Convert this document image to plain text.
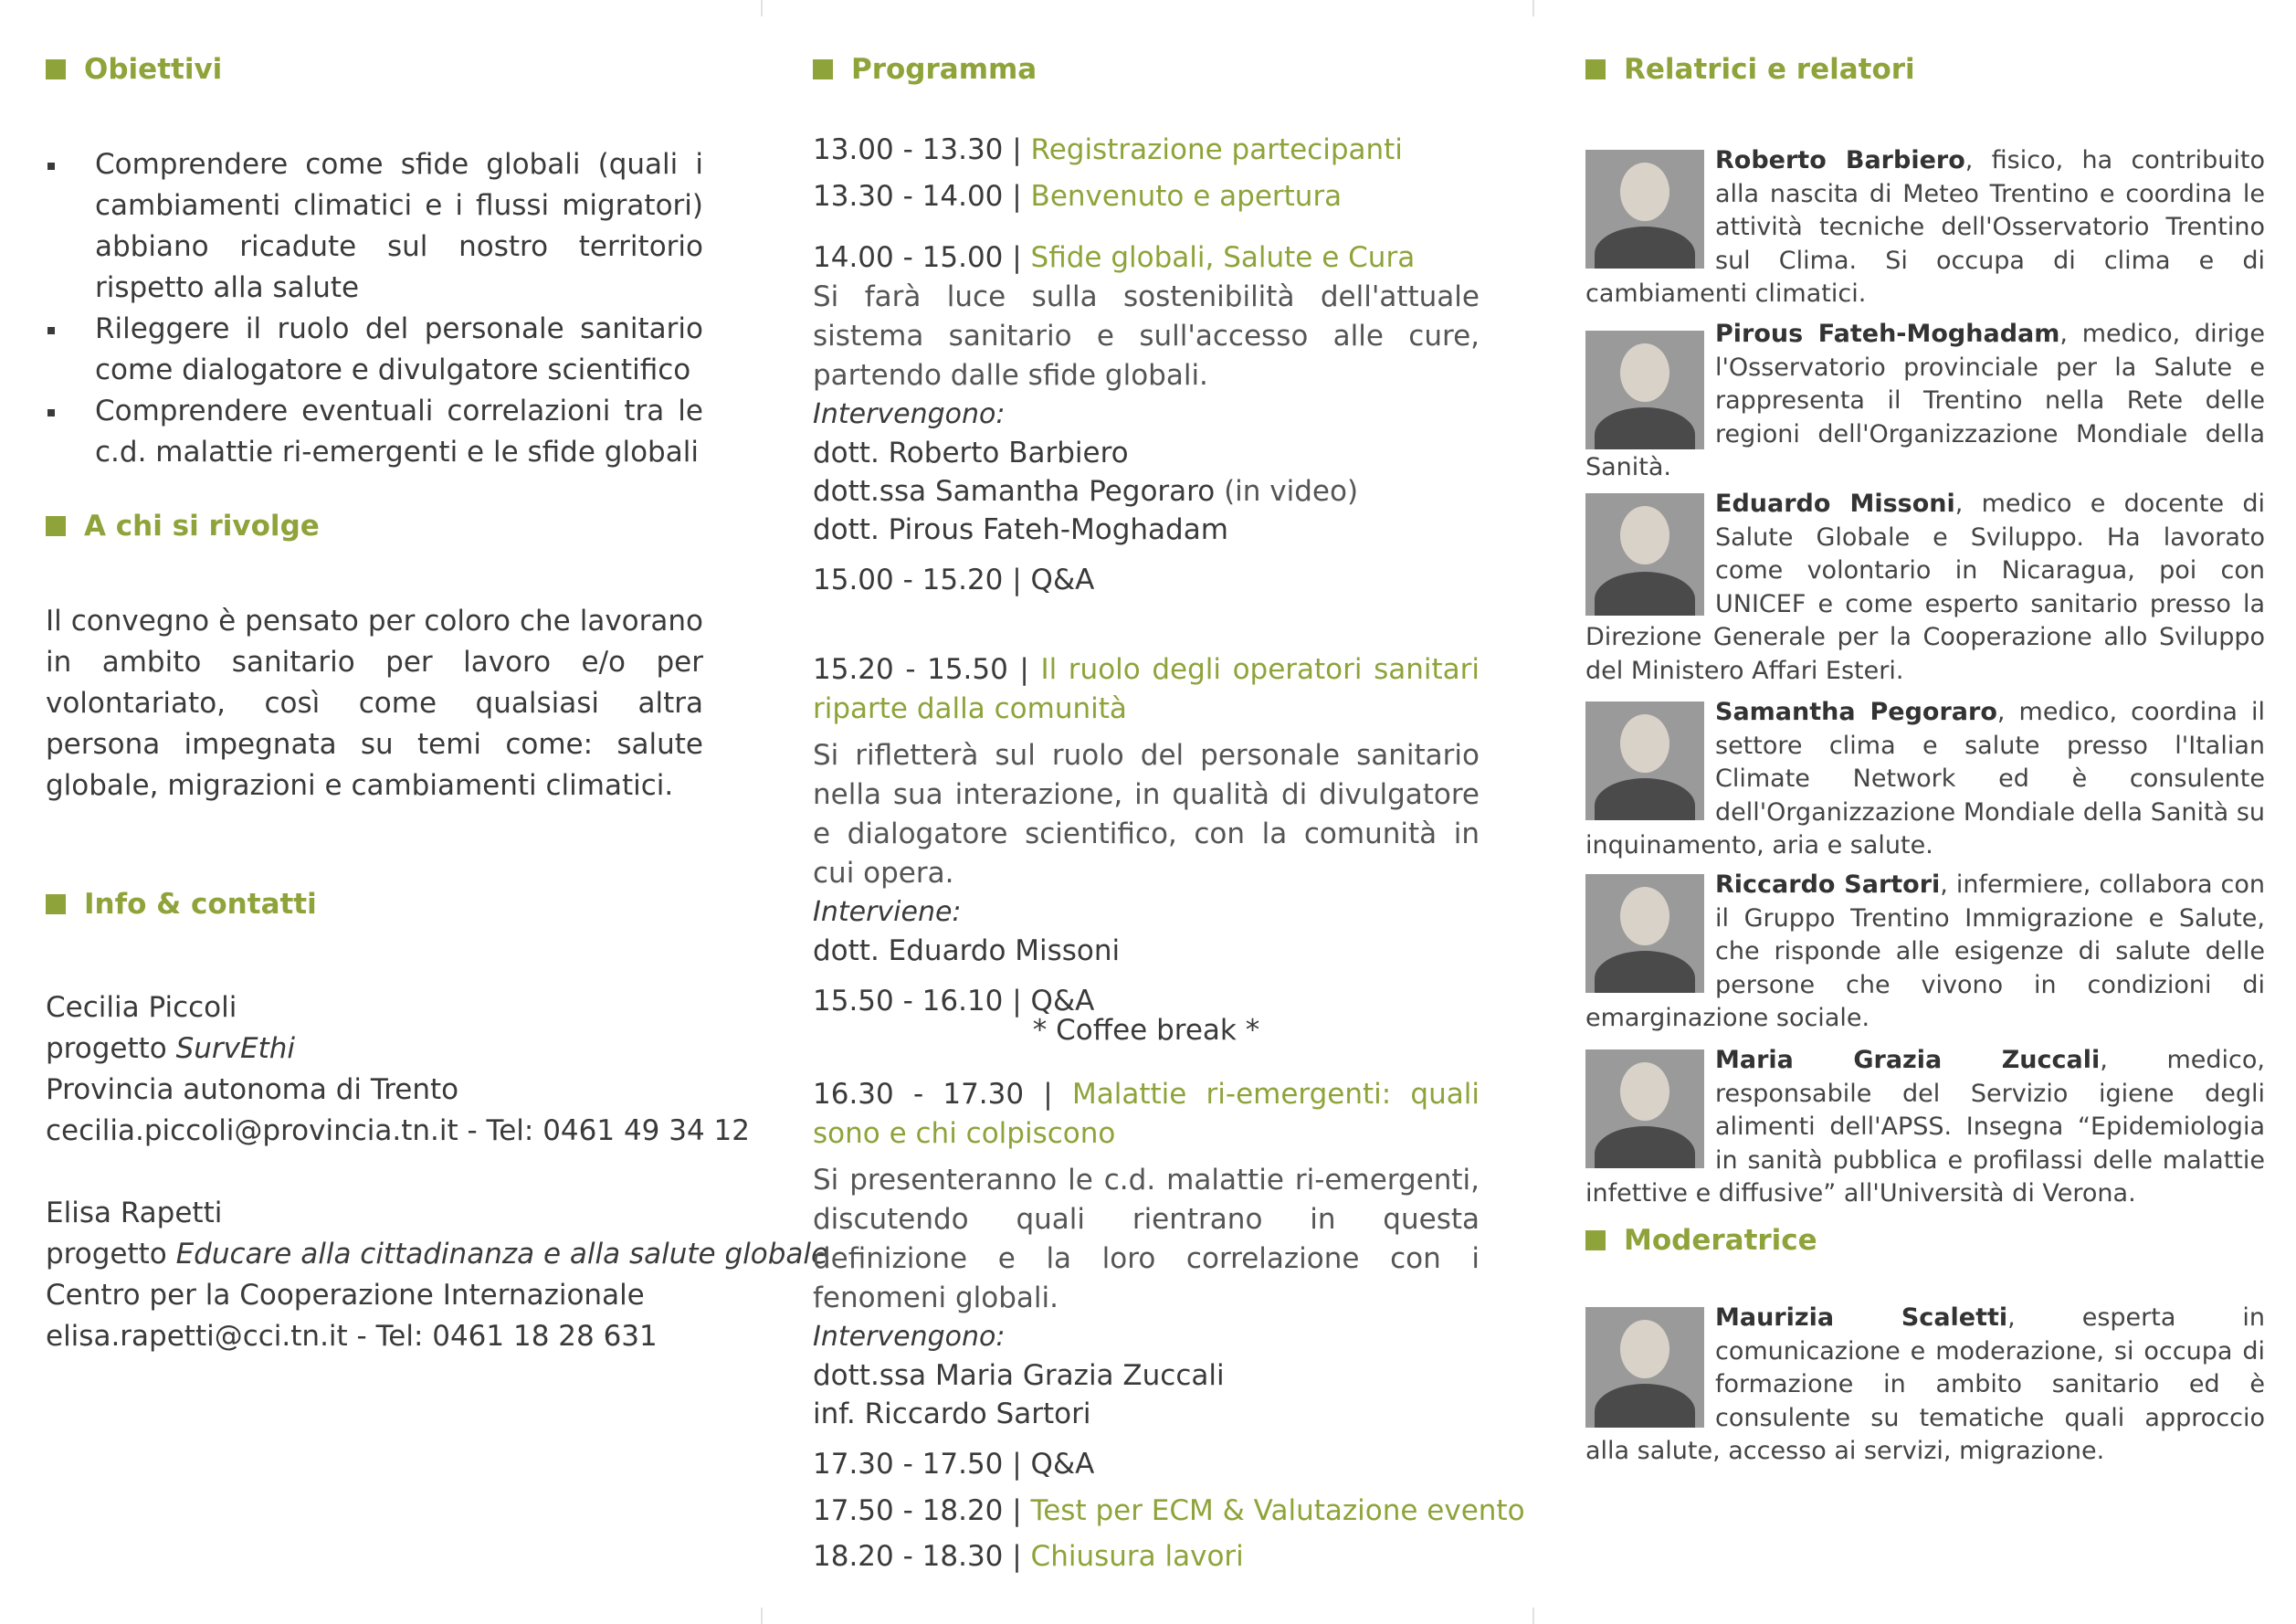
Obiettivi
Comprendere come sfide globali (quali i cambiamenti climatici e i flussi migratori) abbiano ricadute sul nostro territorio rispetto alla salute
Rileggere il ruolo del personale sanitario come dialogatore e divulgatore scientifico
Comprendere eventuali correlazioni tra le c.d. malattie ri-emergenti e le sfide globali
A chi si rivolge
Il convegno è pensato per coloro che lavorano in ambito sanitario per lavoro e/o per volontariato, così come qualsiasi altra persona impegnata su temi come: salute globale, migrazioni e cambiamenti climatici.
Info & contatti
Cecilia Piccoli
progetto SurvEthi
Provincia autonoma di Trento
cecilia.piccoli@provincia.tn.it - Tel: 0461 49 34 12
Elisa Rapetti
progetto Educare alla cittadinanza e alla salute globale
Centro per la Cooperazione Internazionale
elisa.rapetti@cci.tn.it - Tel: 0461 18 28 631
Programma
13.00 - 13.30 | Registrazione partecipanti
13.30 - 14.00 | Benvenuto e apertura
14.00 - 15.00 | Sfide globali, Salute e Cura
Si farà luce sulla sostenibilità dell'attuale sistema sanitario e sull'accesso alle cure, partendo dalle sfide globali.
Intervengono:
dott. Roberto Barbiero
dott.ssa Samantha Pegoraro (in video)
dott. Pirous Fateh-Moghadam
15.00 - 15.20 | Q&A
15.20 - 15.50 | Il ruolo degli operatori sanitari riparte dalla comunità
Si rifletterà sul ruolo del personale sanitario nella sua interazione, in qualità di divulgatore e dialogatore scientifico, con la comunità in cui opera.
Interviene:
dott. Eduardo Missoni
15.50 - 16.10 | Q&A
* Coffee break *
16.30 - 17.30 | Malattie ri-emergenti: quali sono e chi colpiscono
Si presenteranno le c.d. malattie ri-emergenti, discutendo quali rientrano in questa definizione e la loro correlazione con i fenomeni globali.
Intervengono:
dott.ssa Maria Grazia Zuccali
inf. Riccardo Sartori
17.30 - 17.50 | Q&A
17.50 - 18.20 | Test per ECM & Valutazione evento
18.20 - 18.30 | Chiusura lavori
Relatrici e relatori
Roberto Barbiero, fisico, ha contribuito alla nascita di Meteo Trentino e coordina le attività tecniche dell'Osservatorio Trentino sul Clima. Si occupa di clima e di cambiamenti climatici.
Pirous Fateh-Moghadam, medico, dirige l'Osservatorio provinciale per la Salute e rappresenta il Trentino nella Rete delle regioni dell'Organizzazione Mondiale della Sanità.
Eduardo Missoni, medico e docente di Salute Globale e Sviluppo. Ha lavorato come volontario in Nicaragua, poi con UNICEF e come esperto sanitario presso la Direzione Generale per la Cooperazione allo Sviluppo del Ministero Affari Esteri.
Samantha Pegoraro, medico, coordina il settore clima e salute presso l'Italian Climate Network ed è consulente dell'Organizzazione Mondiale della Sanità su inquinamento, aria e salute.
Riccardo Sartori, infermiere, collabora con il Gruppo Trentino Immigrazione e Salute, che risponde alle esigenze di salute delle persone che vivono in condizioni di emarginazione sociale.
Maria Grazia Zuccali, medico, responsabile del Servizio igiene degli alimenti dell'APSS. Insegna “Epidemiologia in sanità pubblica e profilassi delle malattie infettive e diffusive” all'Università di Verona.
Moderatrice
Maurizia Scaletti, esperta in comunicazione e moderazione, si occupa di formazione in ambito sanitario ed è consulente su tematiche quali approccio alla salute, accesso ai servizi, migrazione.
